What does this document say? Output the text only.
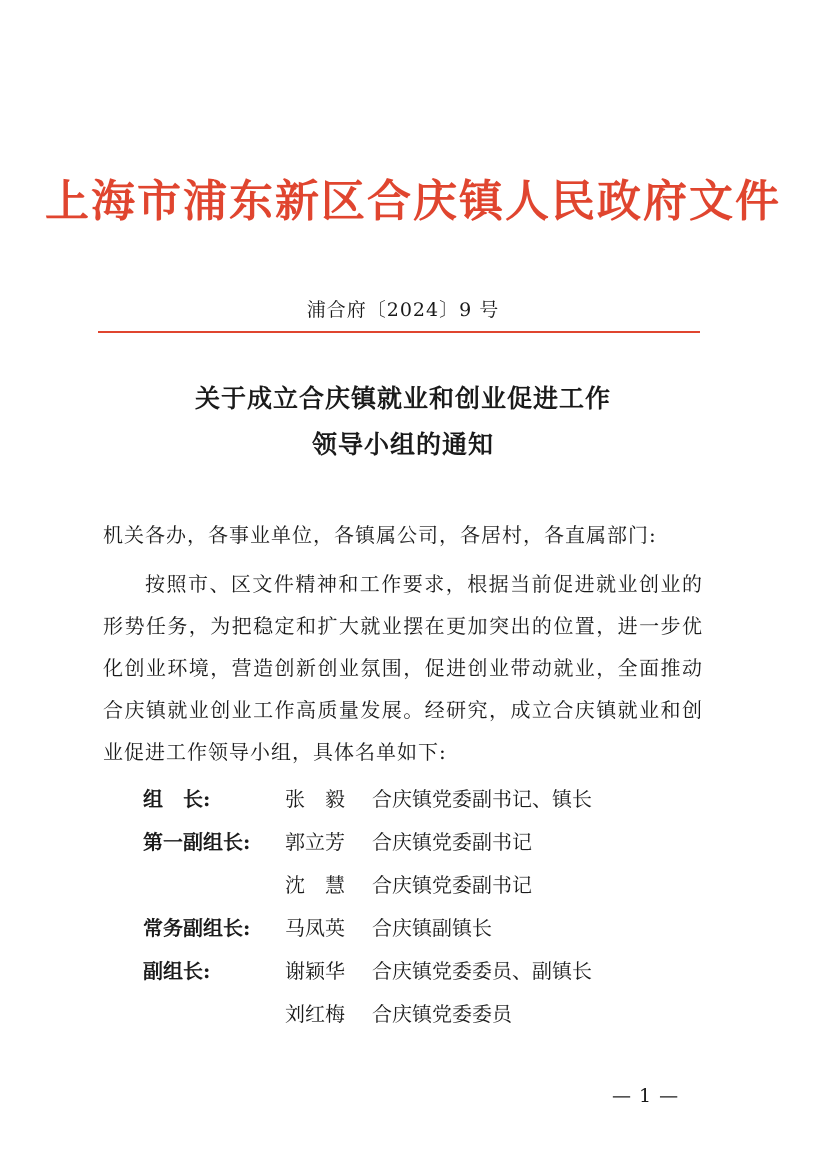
上海市浦东新区合庆镇人民政府文件
浦合府〔2024〕9 号
关于成立合庆镇就业和创业促进工作
领导小组的通知
机关各办，各事业单位，各镇属公司，各居村，各直属部门:
按照市、区文件精神和工作要求，根据当前促进就业创业的形势任务，为把稳定和扩大就业摆在更加突出的位置，进一步优化创业环境，营造创新创业氛围，促进创业带动就业，全面推动合庆镇就业创业工作高质量发展。经研究，成立合庆镇就业和创业促进工作领导小组，具体名单如下:
组　长:	张　毅 合庆镇党委副书记、镇长
第一副组长: 郭立芳 合庆镇党委副书记
沈　慧 合庆镇党委副书记
常务副组长: 马凤英 合庆镇副镇长
副组长:	谢颖华 合庆镇党委委员、副镇长
刘红梅 合庆镇党委委员
— 1 —
